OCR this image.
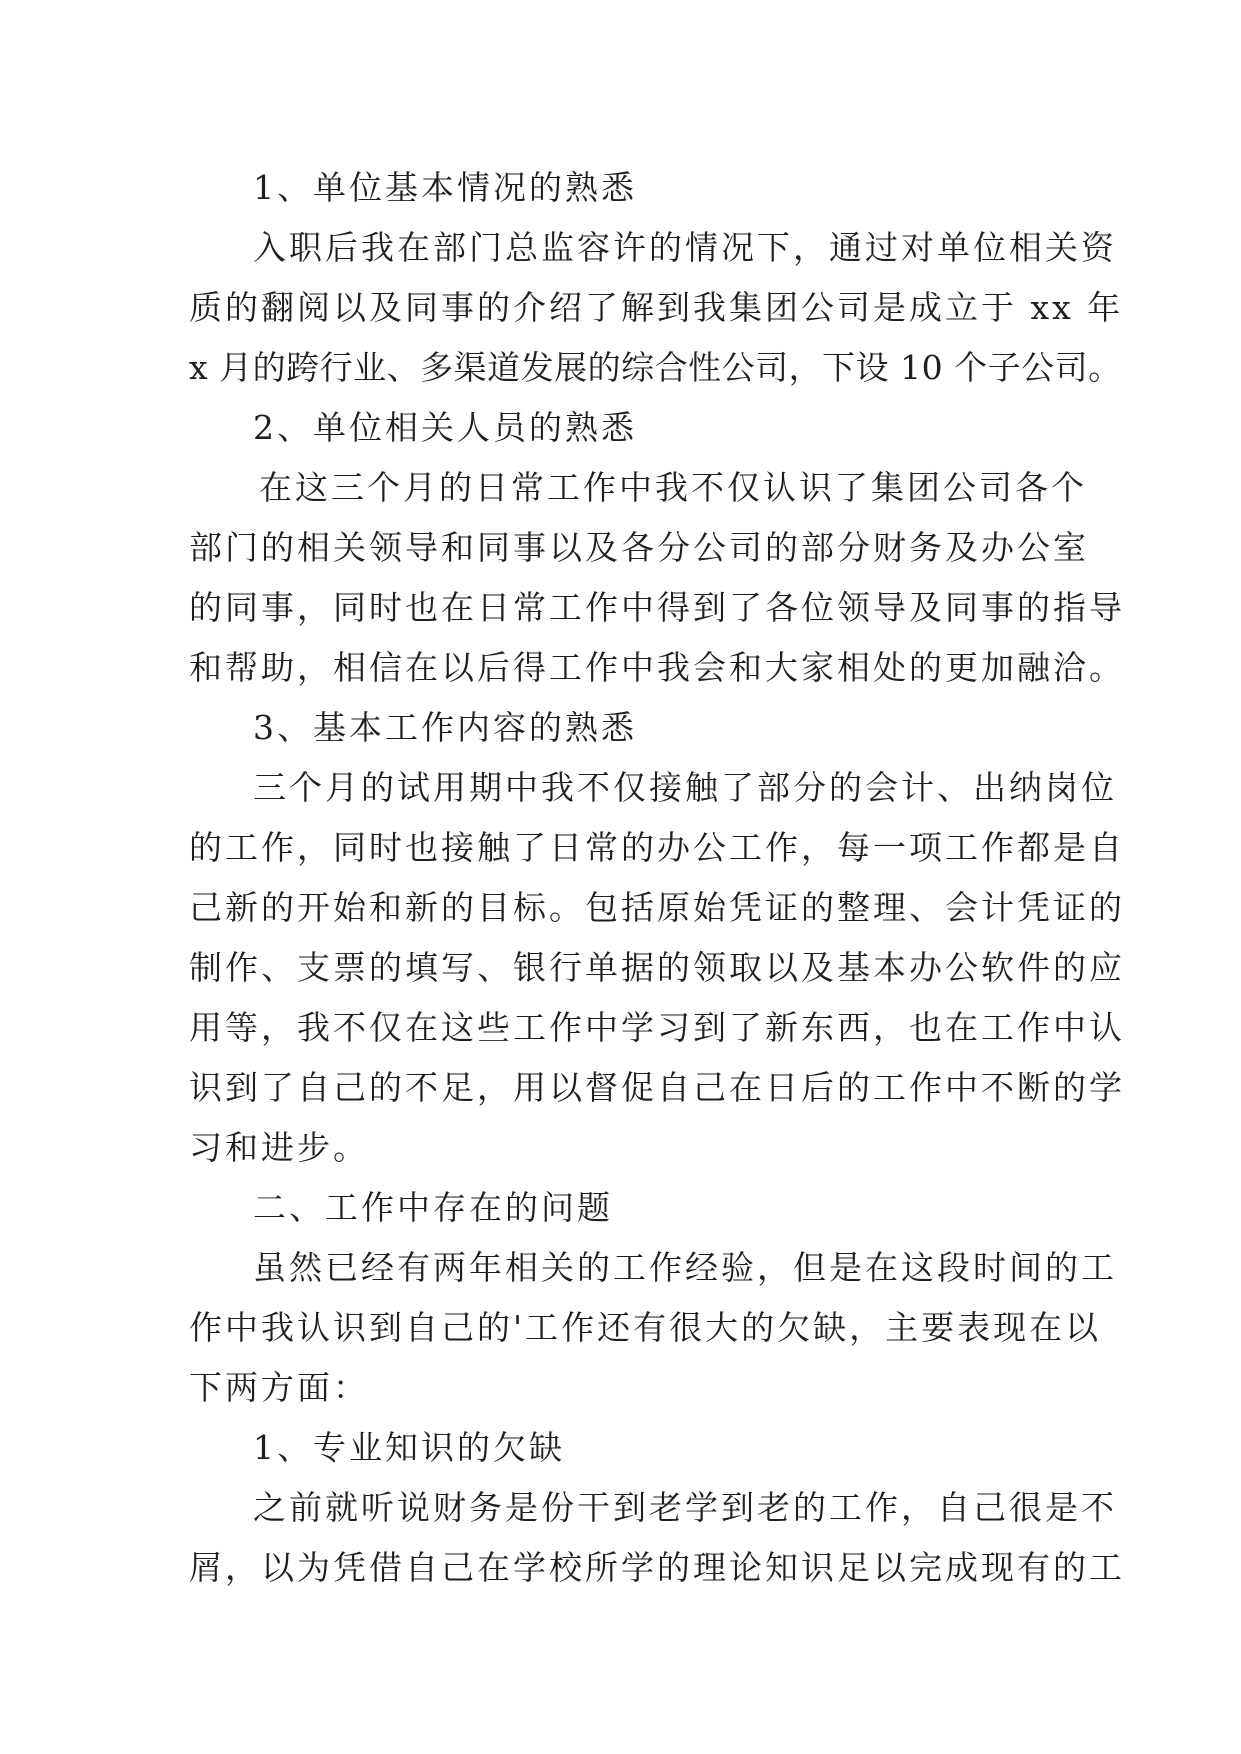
1、单位基本情况的熟悉
入职后我在部门总监容许的情况下，通过对单位相关资
质的翻阅以及同事的介绍了解到我集团公司是成立于 xx 年
x 月的跨行业、多渠道发展的综合性公司，下设 10 个子公司。
2、单位相关人员的熟悉
在这三个月的日常工作中我不仅认识了集团公司各个
部门的相关领导和同事以及各分公司的部分财务及办公室
的同事，同时也在日常工作中得到了各位领导及同事的指导
和帮助，相信在以后得工作中我会和大家相处的更加融洽。
3、基本工作内容的熟悉
三个月的试用期中我不仅接触了部分的会计、出纳岗位
的工作，同时也接触了日常的办公工作，每一项工作都是自
己新的开始和新的目标。包括原始凭证的整理、会计凭证的
制作、支票的填写、银行单据的领取以及基本办公软件的应
用等，我不仅在这些工作中学习到了新东西，也在工作中认
识到了自己的不足，用以督促自己在日后的工作中不断的学
习和进步。
二、工作中存在的问题
虽然已经有两年相关的工作经验，但是在这段时间的工
作中我认识到自己的'工作还有很大的欠缺，主要表现在以
下两方面：
1、专业知识的欠缺
之前就听说财务是份干到老学到老的工作，自己很是不
屑，以为凭借自己在学校所学的理论知识足以完成现有的工
